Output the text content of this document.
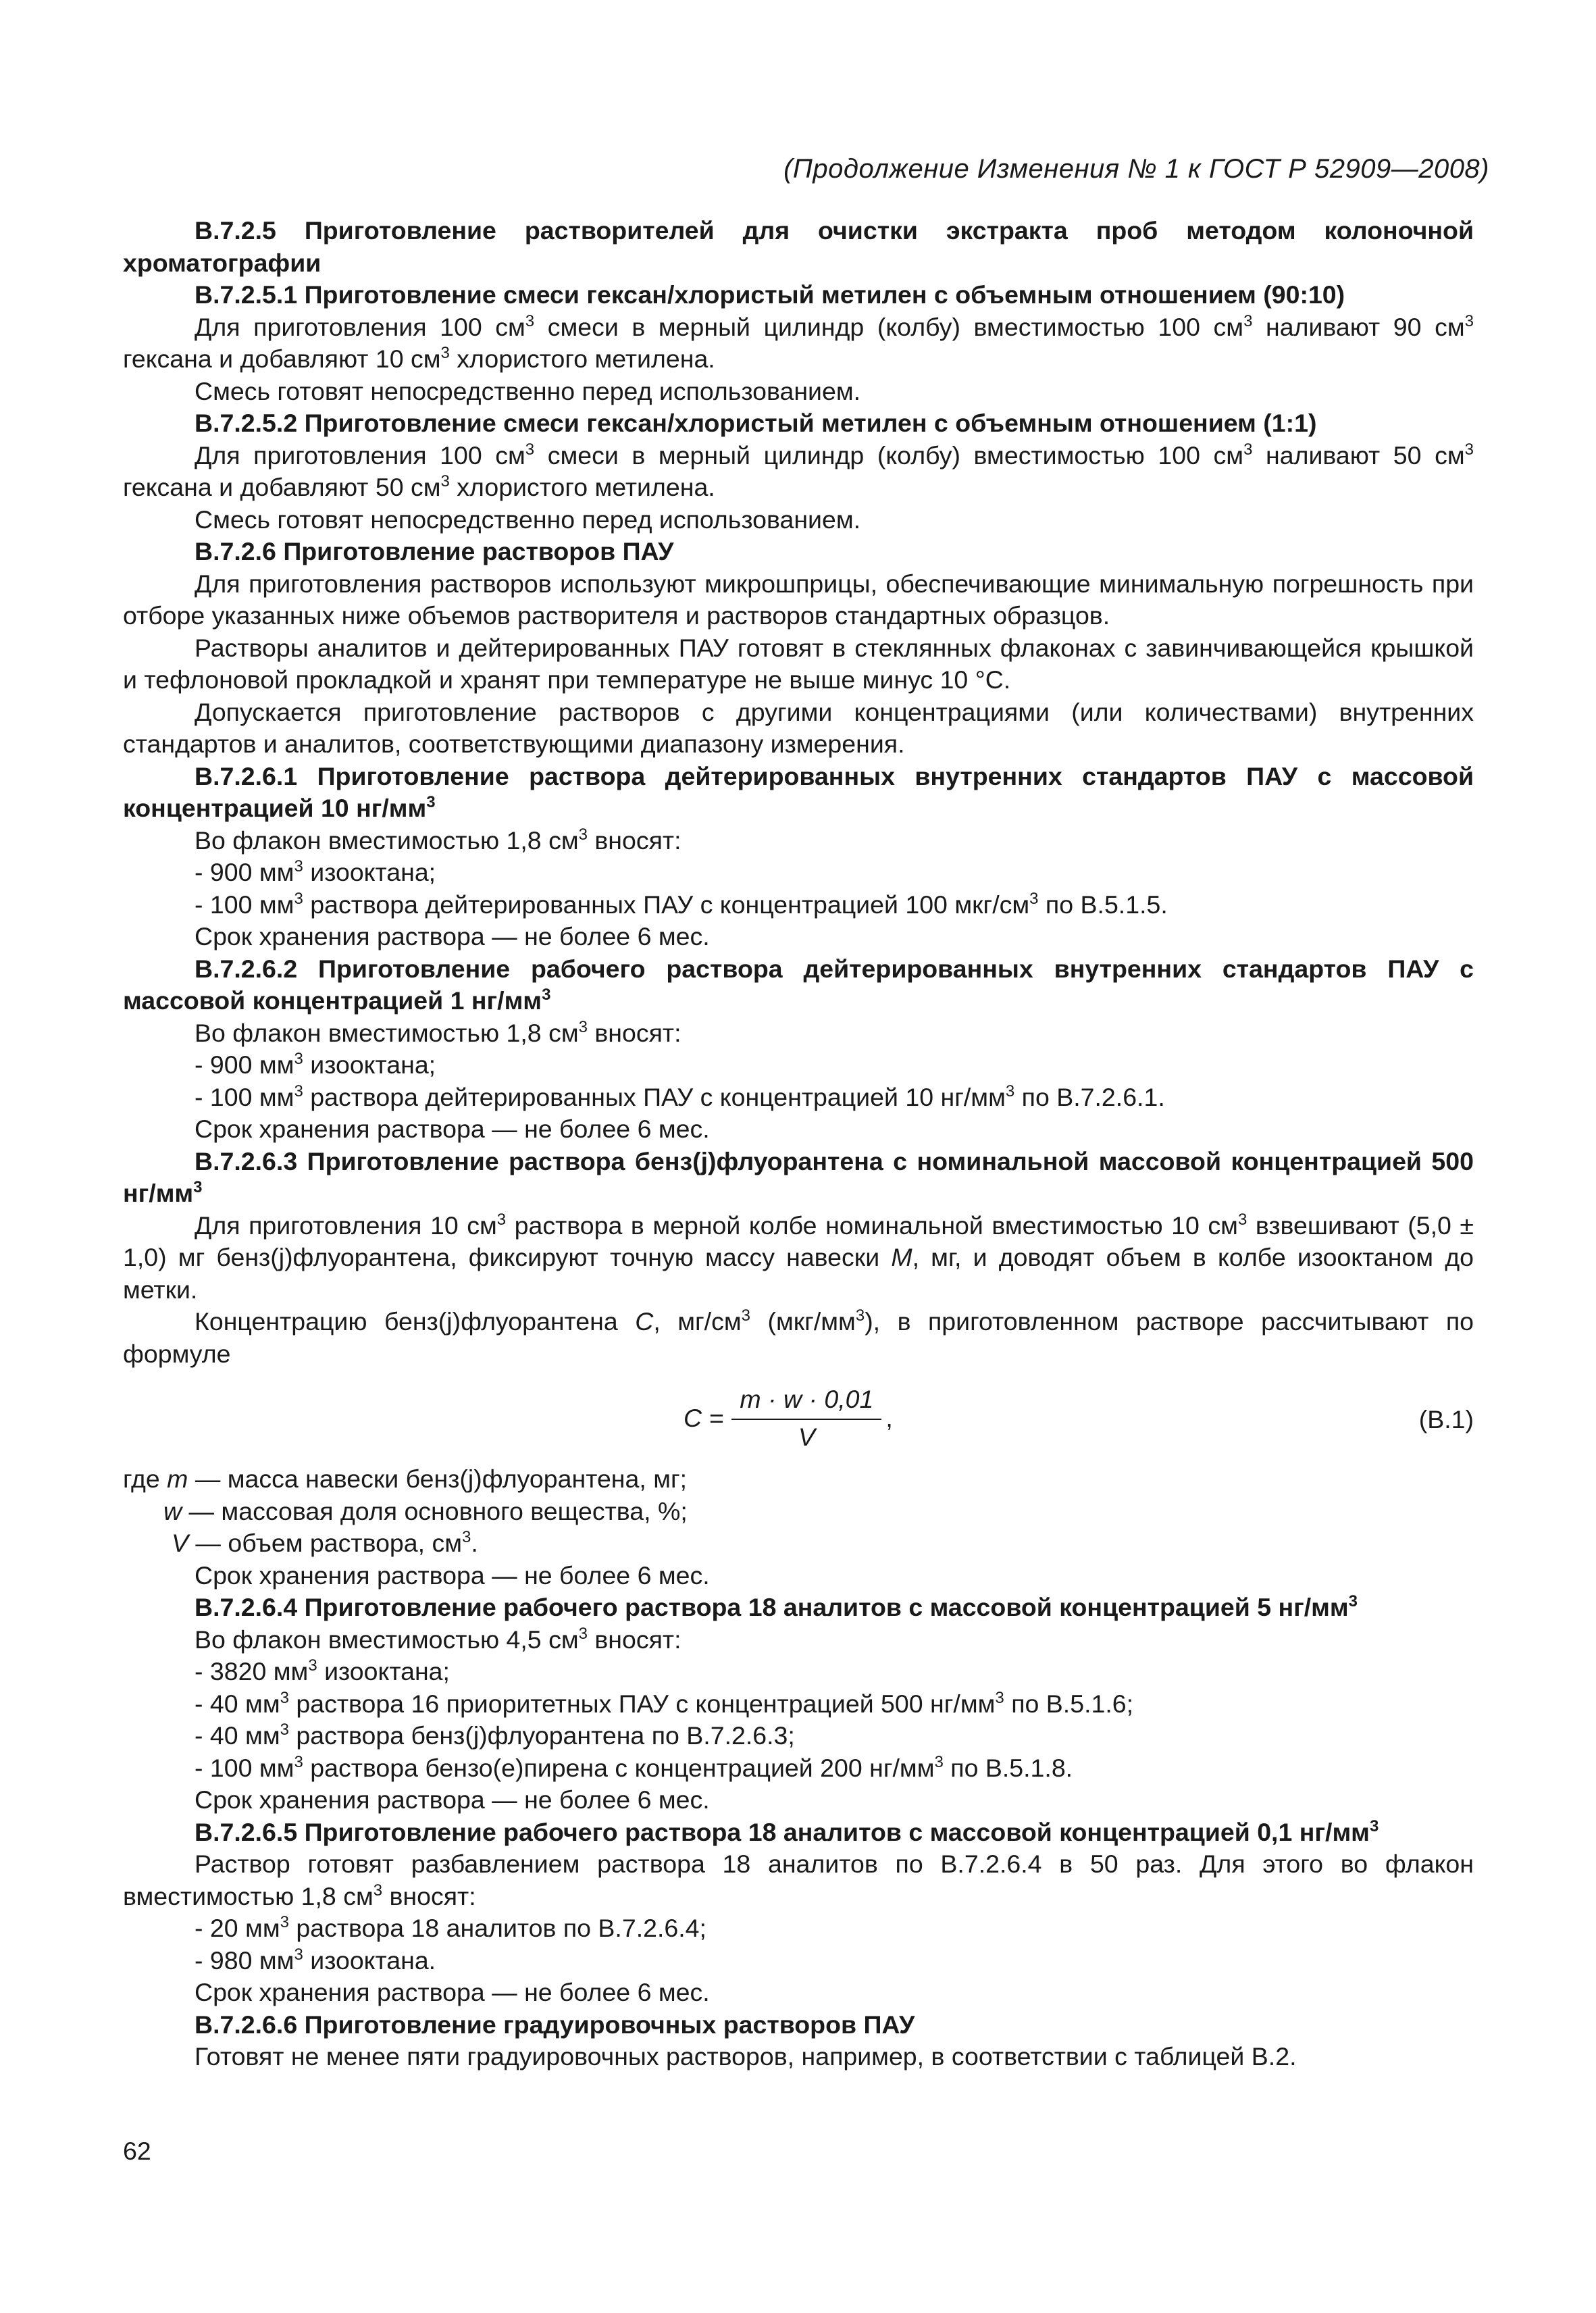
(Продолжение Изменения № 1 к ГОСТ Р 52909—2008)

В.7.2.5 Приготовление растворителей для очистки экстракта проб методом колоночной хроматографии

В.7.2.5.1 Приготовление смеси гексан/хлористый метилен с объемным отношением (90:10)

Для приготовления 100 $см^3$ смеси в мерный цилиндр (колбу) вместимостью 100 $см^3$ наливают 90 $см^3$ гексана и добавляют 10 $см^3$ хлористого метилена.

Смесь готовят непосредственно перед использованием.

В.7.2.5.2 Приготовление смеси гексан/хлористый метилен с объемным отношением (1:1)

Для приготовления 100 $см^3$ смеси в мерный цилиндр (колбу) вместимостью 100 $см^3$ наливают 50 $см^3$ гексана и добавляют 50 $см^3$ хлористого метилена.

Смесь готовят непосредственно перед использованием.

В.7.2.6 Приготовление растворов ПАУ

Для приготовления растворов используют микрошприцы, обеспечивающие минимальную погрешность при отборе указанных ниже объемов растворителя и растворов стандартных образцов.

Растворы аналитов и дейтерированных ПАУ готовят в стеклянных флаконах с завинчивающейся крышкой и тефлоновой прокладкой и хранят при температуре не выше минус 10 °С.

Допускается приготовление растворов с другими концентрациями (или количествами) внутренних стандартов и аналитов, соответствующими диапазону измерения.

В.7.2.6.1 Приготовление раствора дейтерированных внутренних стандартов ПАУ с массовой концентрацией 10 $нг/мм^3$

Во флакон вместимостью 1,8 $см^3$ вносят:

- 900 $мм^3$ изооктана;

- 100 $мм^3$ раствора дейтерированных ПАУ с концентрацией 100 мкг/$см^3$ по В.5.1.5.

Срок хранения раствора — не более 6 мес.

В.7.2.6.2 Приготовление рабочего раствора дейтерированных внутренних стандартов ПАУ с массовой концентрацией 1 $нг/мм^3$

Во флакон вместимостью 1,8 $см^3$ вносят:

- 900 $мм^3$ изооктана;

- 100 $мм^3$ раствора дейтерированных ПАУ с концентрацией 10 $нг/мм^3$ по В.7.2.6.1.

Срок хранения раствора — не более 6 мес.

В.7.2.6.3 Приготовление раствора бенз(j)флуорантена с номинальной массовой концентрацией 500 $нг/мм^3$

Для приготовления 10 $см^3$ раствора в мерной колбе номинальной вместимостью 10 $см^3$ взвешивают (5,0 ± 1,0) мг бенз(j)флуорантена, фиксируют точную массу навески М, мг, и доводят объем в колбе изооктаном до метки.

Концентрацию бенз(j)флуорантена С, $мг/см^3$ $(мкг/мм^3)$, в приготовленном растворе рассчитывают по формуле

$C = \frac{m \cdot w \cdot 0,01}{V}$ ,	(В.1)

где m — масса навески бенз(j)флуорантена, мг;

w — массовая доля основного вещества, %;

V — объем раствора, $см^3$.

Срок хранения раствора — не более 6 мес.

В.7.2.6.4 Приготовление рабочего раствора 18 аналитов с массовой концентрацией 5 $нг/мм^3$

Во флакон вместимостью 4,5 $см^3$ вносят:

- 3820 $мм^3$ изооктана;

- 40 $мм^3$ раствора 16 приоритетных ПАУ с концентрацией 500 $нг/мм^3$ по В.5.1.6;

- 40 $мм^3$ раствора бенз(j)флуорантена по В.7.2.6.3;

- 100 $мм^3$ раствора бензо(е)пирена с концентрацией 200 $нг/мм^3$ по В.5.1.8.

Срок хранения раствора — не более 6 мес.

В.7.2.6.5 Приготовление рабочего раствора 18 аналитов с массовой концентрацией 0,1 $нг/мм^3$

Раствор готовят разбавлением раствора 18 аналитов по В.7.2.6.4 в 50 раз. Для этого во флакон вместимостью 1,8 $см^3$ вносят:

- 20 $мм^3$ раствора 18 аналитов по В.7.2.6.4;

- 980 $мм^3$ изооктана.

Срок хранения раствора — не более 6 мес.

В.7.2.6.6 Приготовление градуировочных растворов ПАУ

Готовят не менее пяти градуировочных растворов, например, в соответствии с таблицей В.2.

62
